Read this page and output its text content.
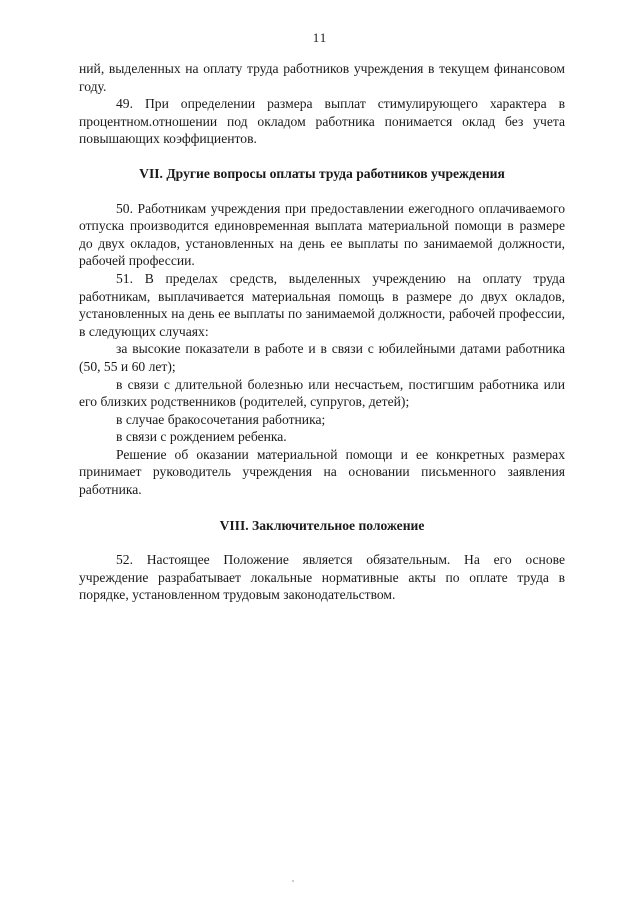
11

ний, выделенных на оплату труда работников учреждения в текущем финансовом году.

49. При определении размера выплат стимулирующего характера в процентном.отношении под окладом работника понимается оклад без учета повышающих коэффициентов.

VII. Другие вопросы оплаты труда работников учреждения

50. Работникам учреждения при предоставлении ежегодного оплачиваемого отпуска производится единовременная выплата материальной помощи в размере до двух окладов, установленных на день ее выплаты по занимаемой должности, рабочей профессии.

51. В пределах средств, выделенных учреждению на оплату труда работникам, выплачивается материальная помощь в размере до двух окладов, установленных на день ее выплаты по занимаемой должности, рабочей профессии, в следующих случаях:

за высокие показатели в работе и в связи с юбилейными датами работника (50, 55 и 60 лет);

в связи с длительной болезнью или несчастьем, постигшим работника или его близких родственников (родителей, супругов, детей);

в случае бракосочетания работника;

в связи с рождением ребенка.

Решение об оказании материальной помощи и ее конкретных размерах принимает руководитель учреждения на основании письменного заявления работника.

VIII. Заключительное положение

52. Настоящее Положение является обязательным. На его основе учреждение разрабатывает локальные нормативные акты по оплате труда в порядке, установленном трудовым законодательством.
